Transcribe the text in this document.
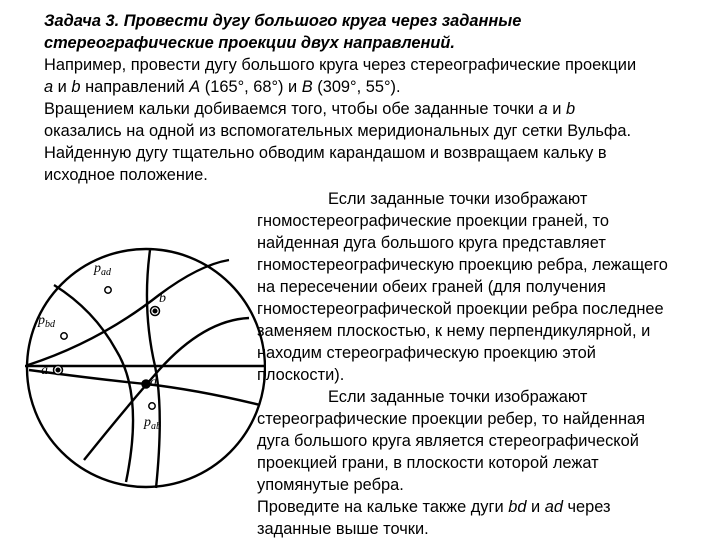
Задача 3. Провести дугу большого круга через заданные
стереографические проекции двух направлений.
Например, провести дугу большого круга через стереографические проекции
a и b направлений A (165°, 68°) и B (309°, 55°).
Вращением кальки добиваемся того, чтобы обе заданные точки a и b
оказались на одной из вспомогательных меридиональных дуг сетки Вульфа.
Найденную дугу тщательно обводим карандашом и возвращаем кальку в
исходное положение.
Если заданные точки изображают
гномостереографические проекции граней, то
найденная дуга большого круга представляет
гномостереографическую проекцию ребра, лежащего
на пересечении обеих граней (для получения
гномостереографической проекции ребра последнее
заменяем плоскостью, к нему перпендикулярной, и
находим стереографическую проекцию этой
плоскости).
Если заданные точки изображают
стереографические проекции ребер, то найденная
дуга большого круга является стереографической
проекцией грани, в плоскости которой лежат
упомянутые ребра.
Проведите на кальке также дуги bd и ad через
заданные выше точки.
$p_{ad}$
$p_{bd}$
$p_{ab}$
a
b
d
